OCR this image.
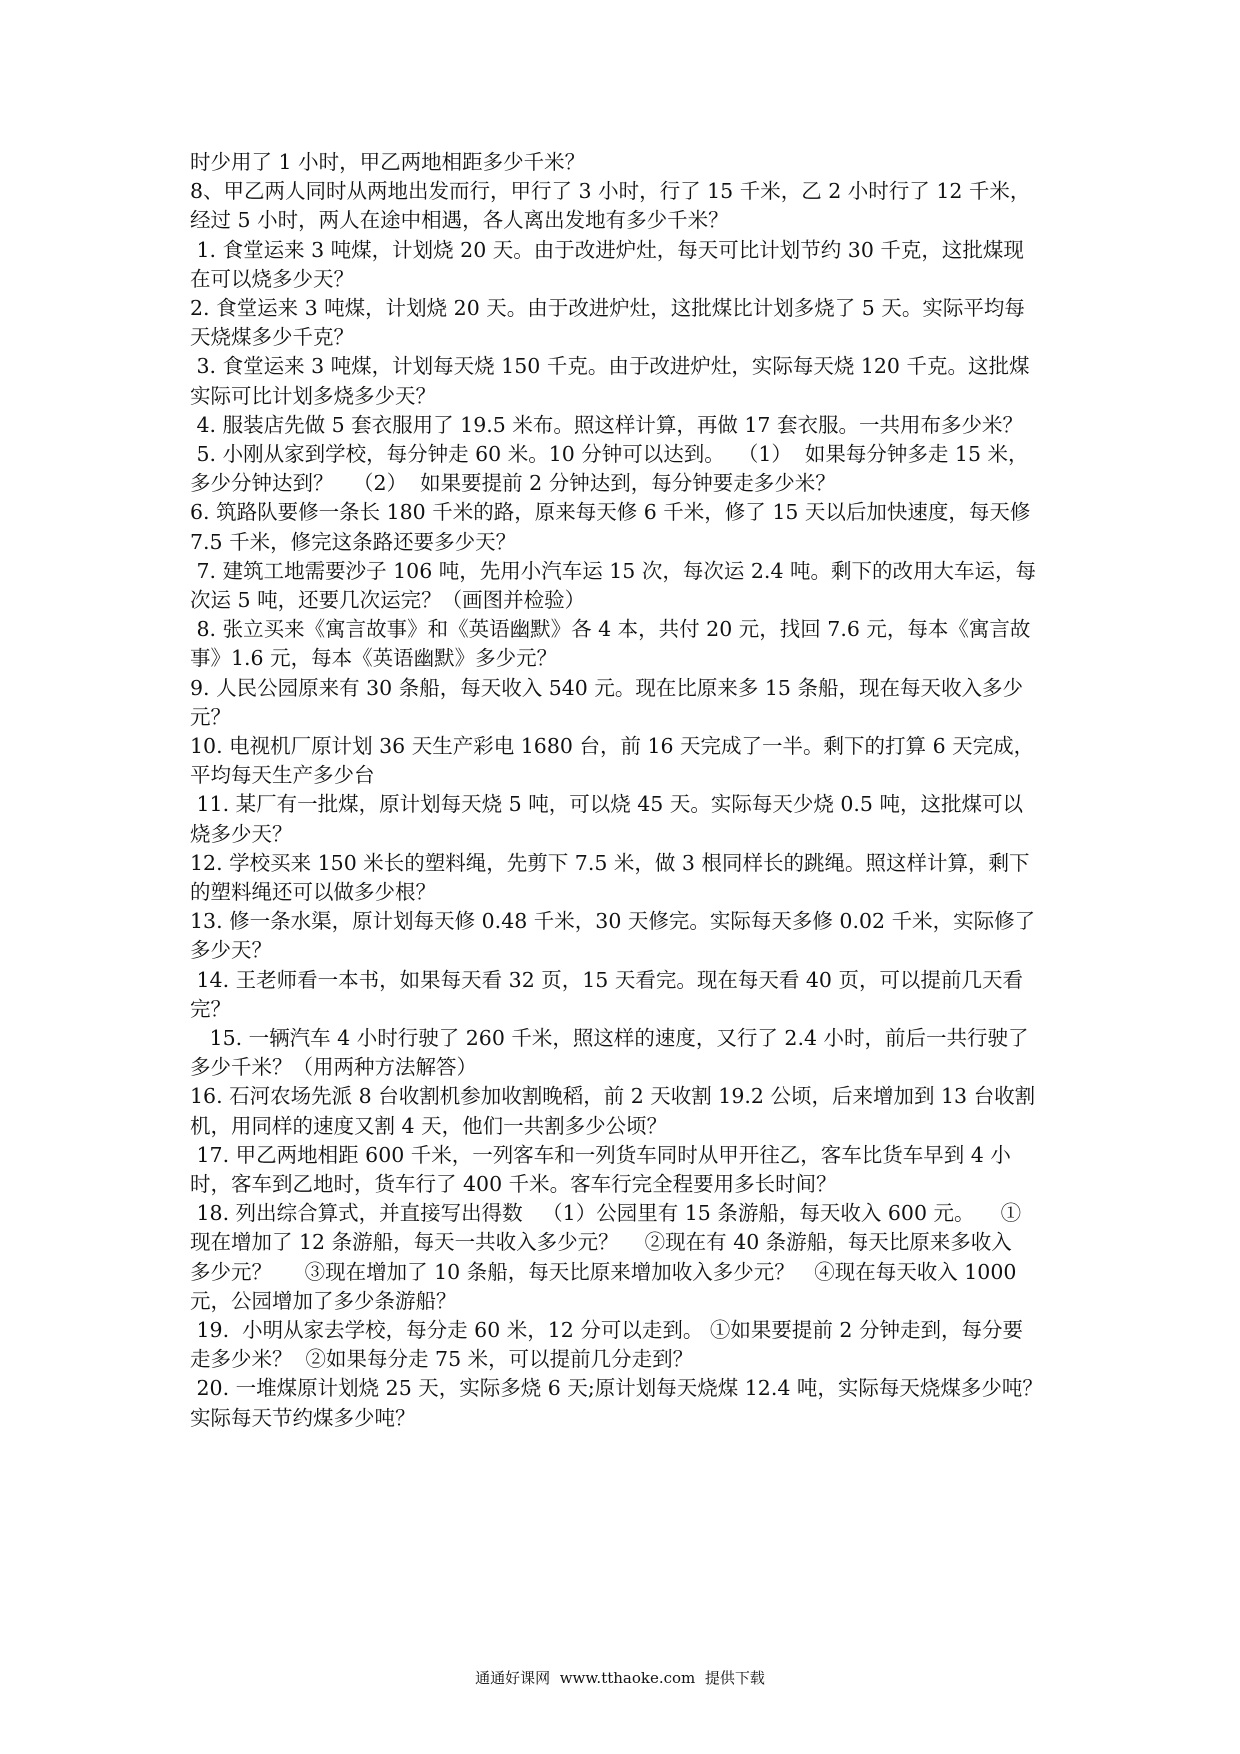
时少用了 1 小时，甲乙两地相距多少千米？
8、甲乙两人同时从两地出发而行，甲行了 3 小时，行了 15 千米，乙 2 小时行了 12 千米，
经过 5 小时，两人在途中相遇，各人离出发地有多少千米？
1. 食堂运来 3 吨煤，计划烧 20 天。由于改进炉灶，每天可比计划节约 30 千克，这批煤现
在可以烧多少天？
2. 食堂运来 3 吨煤，计划烧 20 天。由于改进炉灶，这批煤比计划多烧了 5 天。实际平均每
天烧煤多少千克？
3. 食堂运来 3 吨煤，计划每天烧 150 千克。由于改进炉灶，实际每天烧 120 千克。这批煤
实际可比计划多烧多少天？
4. 服装店先做 5 套衣服用了 19.5 米布。照这样计算，再做 17 套衣服。一共用布多少米？
5. 小刚从家到学校，每分钟走 60 米。10 分钟可以达到。  （1）  如果每分钟多走 15 米，
多少分钟达到？   （2）  如果要提前 2 分钟达到，每分钟要走多少米？
6. 筑路队要修一条长 180 千米的路，原来每天修 6 千米，修了 15 天以后加快速度，每天修
7.5 千米，修完这条路还要多少天？
7. 建筑工地需要沙子 106 吨，先用小汽车运 15 次，每次运 2.4 吨。剩下的改用大车运，每
次运 5 吨，还要几次运完？（画图并检验）
8. 张立买来《寓言故事》和《英语幽默》各 4 本，共付 20 元，找回 7.6 元，每本《寓言故
事》1.6 元，每本《英语幽默》多少元？
9. 人民公园原来有 30 条船，每天收入 540 元。现在比原来多 15 条船，现在每天收入多少
元？
10. 电视机厂原计划 36 天生产彩电 1680 台，前 16 天完成了一半。剩下的打算 6 天完成，
平均每天生产多少台
11. 某厂有一批煤，原计划每天烧 5 吨，可以烧 45 天。实际每天少烧 0.5 吨，这批煤可以
烧多少天？
12. 学校买来 150 米长的塑料绳，先剪下 7.5 米，做 3 根同样长的跳绳。照这样计算，剩下
的塑料绳还可以做多少根？
13. 修一条水渠，原计划每天修 0.48 千米，30 天修完。实际每天多修 0.02 千米，实际修了
多少天？
14. 王老师看一本书，如果每天看 32 页，15 天看完。现在每天看 40 页，可以提前几天看
完？
15. 一辆汽车 4 小时行驶了 260 千米，照这样的速度，又行了 2.4 小时，前后一共行驶了
多少千米？（用两种方法解答）
16. 石河农场先派 8 台收割机参加收割晚稻，前 2 天收割 19.2 公顷，后来增加到 13 台收割
机，用同样的速度又割 4 天，他们一共割多少公顷？
17. 甲乙两地相距 600 千米，一列客车和一列货车同时从甲开往乙，客车比货车早到 4 小
时，客车到乙地时，货车行了 400 千米。客车行完全程要用多长时间？
18. 列出综合算式，并直接写出得数   （1）公园里有 15 条游船，每天收入 600 元。    ①
现在增加了 12 条游船，每天一共收入多少元？    ②现在有 40 条游船，每天比原来多收入
多少元？     ③现在增加了 10 条船，每天比原来增加收入多少元？   ④现在每天收入 1000
元，公园增加了多少条游船？
19.  小明从家去学校，每分走 60 米，12 分可以走到。 ①如果要提前 2 分钟走到，每分要
走多少米？  ②如果每分走 75 米，可以提前几分走到？
20. 一堆煤原计划烧 25 天，实际多烧 6 天;原计划每天烧煤 12.4 吨，实际每天烧煤多少吨？
实际每天节约煤多少吨？
通通好课网  www.tthaoke.com  提供下载
